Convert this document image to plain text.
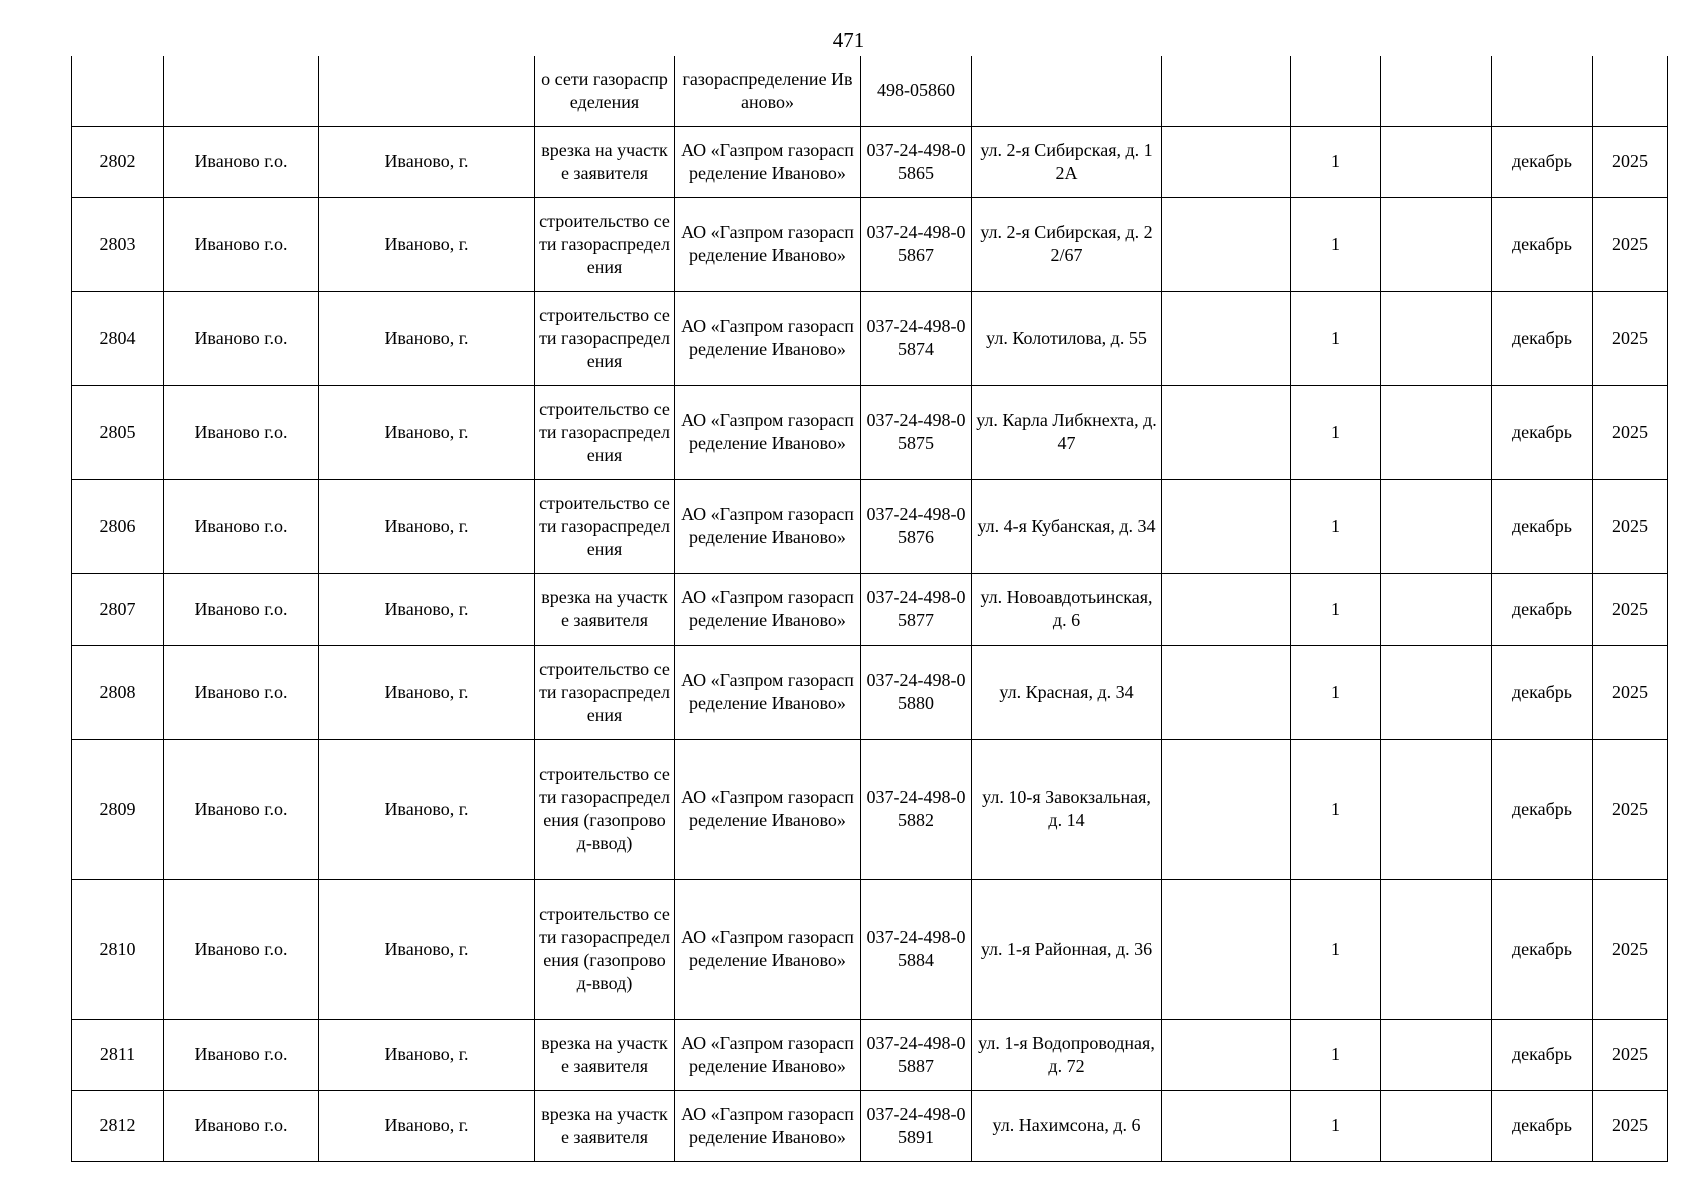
471
			о сети газораспределения	газораспределение Иваново»	498-05860						
2802	Иваново г.о.	Иваново, г.	врезка на участке заявителя	АО «Газпром газораспределение Иваново»	037-24-498-05865	ул. 2-я Сибирская, д. 12А		1		декабрь	2025
2803	Иваново г.о.	Иваново, г.	строительство сети газораспределения	АО «Газпром газораспределение Иваново»	037-24-498-05867	ул. 2-я Сибирская, д. 22/67		1		декабрь	2025
2804	Иваново г.о.	Иваново, г.	строительство сети газораспределения	АО «Газпром газораспределение Иваново»	037-24-498-05874	ул. Колотилова, д. 55		1		декабрь	2025
2805	Иваново г.о.	Иваново, г.	строительство сети газораспределения	АО «Газпром газораспределение Иваново»	037-24-498-05875	ул. Карла Либкнехта, д. 47		1		декабрь	2025
2806	Иваново г.о.	Иваново, г.	строительство сети газораспределения	АО «Газпром газораспределение Иваново»	037-24-498-05876	ул. 4-я Кубанская, д. 34		1		декабрь	2025
2807	Иваново г.о.	Иваново, г.	врезка на участке заявителя	АО «Газпром газораспределение Иваново»	037-24-498-05877	ул. Новоавдотьинская, д. 6		1		декабрь	2025
2808	Иваново г.о.	Иваново, г.	строительство сети газораспределения	АО «Газпром газораспределение Иваново»	037-24-498-05880	ул. Красная, д. 34		1		декабрь	2025
2809	Иваново г.о.	Иваново, г.	строительство сети газораспределения (газопровод-ввод)	АО «Газпром газораспределение Иваново»	037-24-498-05882	ул. 10-я Завокзальная, д. 14		1		декабрь	2025
2810	Иваново г.о.	Иваново, г.	строительство сети газораспределения (газопровод-ввод)	АО «Газпром газораспределение Иваново»	037-24-498-05884	ул. 1-я Районная, д. 36		1		декабрь	2025
2811	Иваново г.о.	Иваново, г.	врезка на участке заявителя	АО «Газпром газораспределение Иваново»	037-24-498-05887	ул. 1-я Водопроводная, д. 72		1		декабрь	2025
2812	Иваново г.о.	Иваново, г.	врезка на участке заявителя	АО «Газпром газораспределение Иваново»	037-24-498-05891	ул. Нахимсона, д. 6		1		декабрь	2025
